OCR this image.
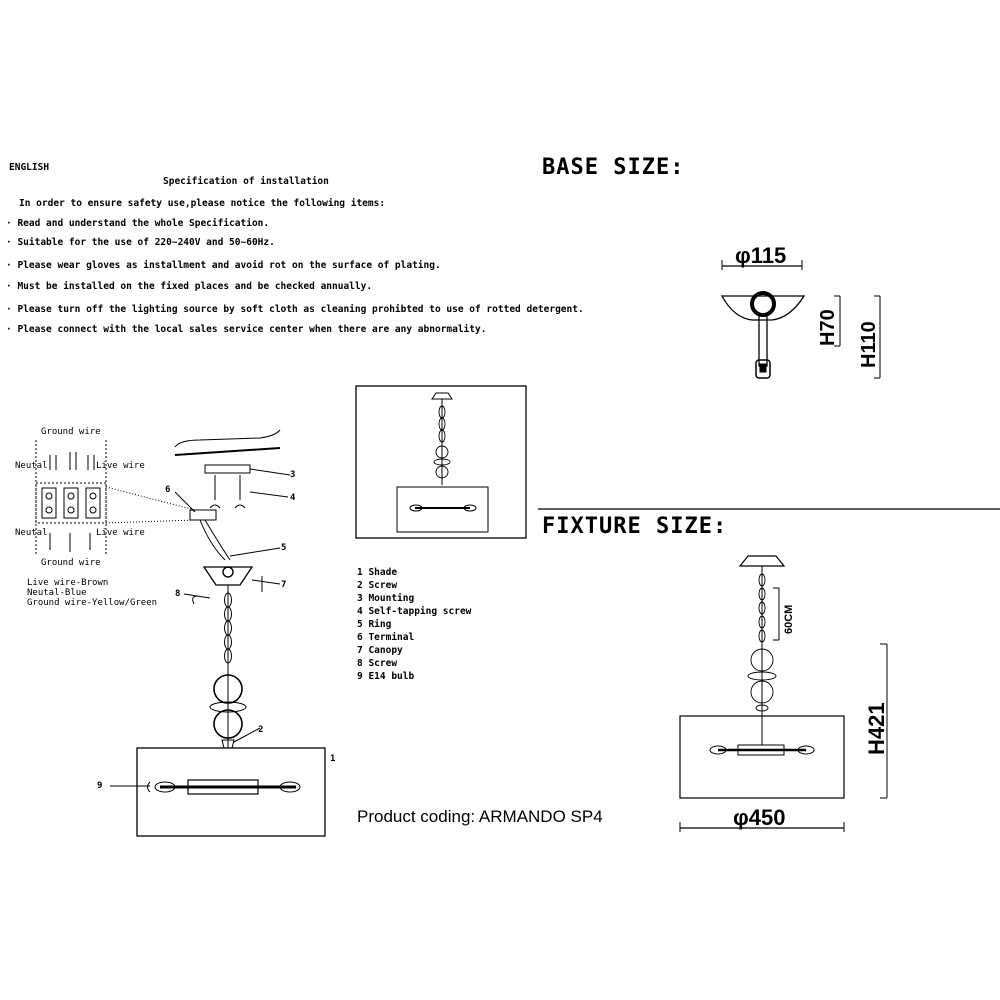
ENGLISH
Specification of installation
In order to ensure safety use,please notice the following items:
· Read and understand the whole Specification.
· Suitable for the use of 220~240V and 50~60Hz.
· Please wear gloves as installment and avoid rot on the surface of plating.
· Must be installed on the fixed places and be checked annually.
· Please turn off the lighting source by soft cloth as cleaning prohibted to use of rotted detergent.
· Please connect with the local sales service center when there are any abnormality.
BASE SIZE:
φ115
H70 H110
FIXTURE SIZE:
60CM
H421
φ450
Ground wire
Neutal	Live wire
Neutal	Live wire
Ground wire
Live wire-Brown
Neutal-Blue
Ground wire-Yellow/Green
1
2
3
4
5
6
7
8
9
1 Shade
2 Screw
3 Mounting
4 Self-tapping screw
5 Ring
6 Terminal
7 Canopy
8 Screw
9 E14 bulb
Product coding: ARMANDO SP4
